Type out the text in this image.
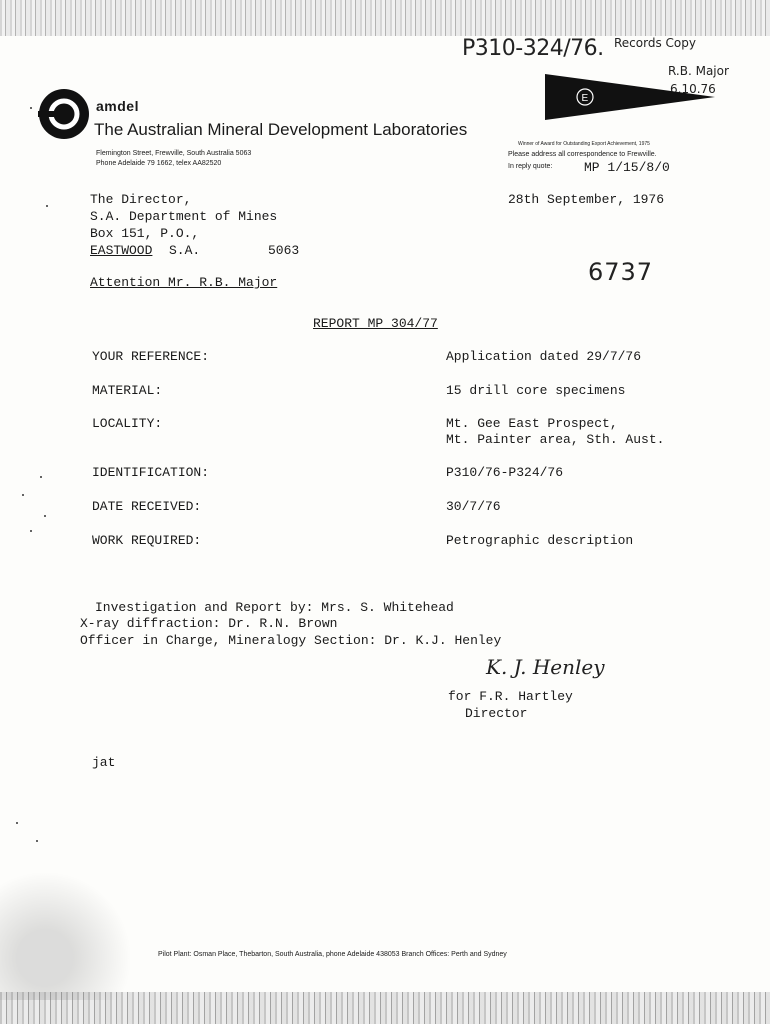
P310-324/76. Records Copy
R.B. Major
6.10.76
E
amdel
The Australian Mineral Development Laboratories
Flemington Street, Frewville, South Australia 5063
Phone Adelaide 79 1662, telex AA82520
Winner of Award for Outstanding Export Achievement, 1975
Please address all correspondence to Frewville.
In reply quote: MP 1/15/8/0
The Director,
S.A. Department of Mines
Box 151, P.O.,
EASTWOOD S.A.	5063
Attention Mr. R.B. Major
28th September, 1976
6737
REPORT MP 304/77
YOUR REFERENCE:	Application dated 29/7/76
MATERIAL:	15 drill core specimens
LOCALITY:	Mt. Gee East Prospect,
Mt. Painter area, Sth. Aust.
IDENTIFICATION:	P310/76-P324/76
DATE RECEIVED:	30/7/76
WORK REQUIRED:	Petrographic description
Investigation and Report by: Mrs. S. Whitehead
X-ray diffraction: Dr. R.N. Brown
Officer in Charge, Mineralogy Section: Dr. K.J. Henley
K. J. Henley
for F.R. Hartley
Director
jat
Pilot Plant: Osman Place, Thebarton, South Australia, phone Adelaide 438053 Branch Offices: Perth and Sydney
